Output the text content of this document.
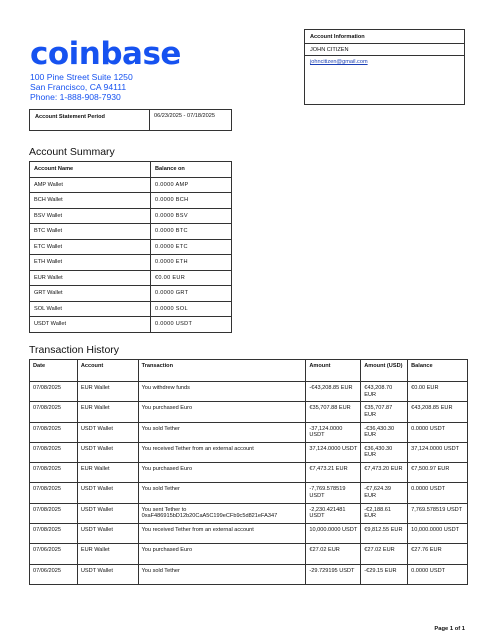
coinbase
100 Pine Street Suite 1250
San Francisco, CA 94111
Phone: 1-888-908-7930
Account Information
JOHN CITIZEN
johncitizen@gmail.com
Account Statement Period	06/23/2025 - 07/18/2025
Account Summary
Account Name	Balance on
AMP Wallet	0.0000 AMP
BCH Wallet	0.0000 BCH
BSV Wallet	0.0000 BSV
BTC Wallet	0.0000 BTC
ETC Wallet	0.0000 ETC
ETH Wallet	0.0000 ETH
EUR Wallet	€0.00 EUR
GRT Wallet	0.0000 GRT
SOL Wallet	0.0000 SOL
USDT Wallet	0.0000 USDT
Transaction History
Date	Account	Transaction	Amount	Amount (USD)	Balance
07/08/2025	EUR Wallet	You withdrew funds	-€43,208.85 EUR	€43,208.70 EUR	€0.00 EUR
07/08/2025	EUR Wallet	You purchased Euro	€35,707.88 EUR	€35,707.87 EUR	€43,208.85 EUR
07/08/2025	USDT Wallet	You sold Tether	-37,124.0000 USDT	-€36,430.30 EUR	0.0000 USDT
07/08/2025	USDT Wallet	You received Tether from an external account	37,124.0000 USDT	€36,430.30 EUR	37,124.0000 USDT
07/08/2025	EUR Wallet	You purchased Euro	€7,473.21 EUR	€7,473.20 EUR	€7,500.97 EUR
07/08/2025	USDT Wallet	You sold Tether	-7,769.578519 USDT	-€7,624.39 EUR	0.0000 USDT
07/08/2025	USDT Wallet	You sent Tether to 0xaF486915bD12b20CaA5C199eCFb9c5d821eFA347	-2,230.421481 USDT	-€2,188.61 EUR	7,769.578519 USDT
07/08/2025	USDT Wallet	You received Tether from an external account	10,000.0000 USDT	€9,812.55 EUR	10,000.0000 USDT
07/06/2025	EUR Wallet	You purchased Euro	€27.02 EUR	€27.02 EUR	€27.76 EUR
07/06/2025	USDT Wallet	You sold Tether	-29.729195 USDT	-€29.15 EUR	0.0000 USDT
Page 1 of 1
